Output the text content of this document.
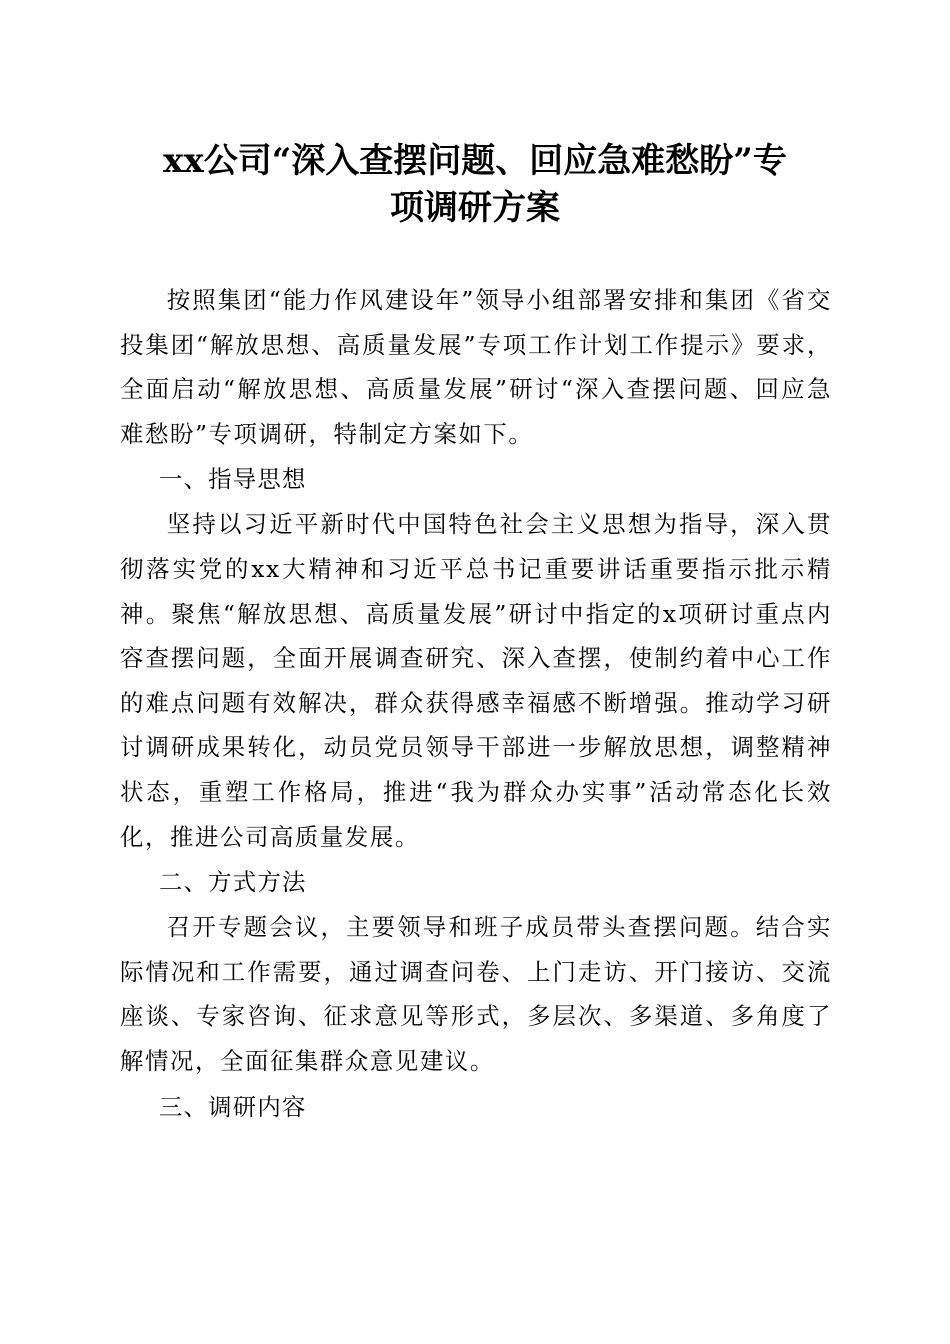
xx公司“深入查摆问题、回应急难愁盼”专
项调研方案

按照集团“能力作风建设年”领导小组部署安排和集团《省交投集团“解放思想、高质量发展”专项工作计划工作提示》要求，全面启动“解放思想、高质量发展”研讨“深入查摆问题、回应急难愁盼”专项调研，特制定方案如下。

一、指导思想

坚持以习近平新时代中国特色社会主义思想为指导，深入贯彻落实党的xx大精神和习近平总书记重要讲话重要指示批示精神。聚焦“解放思想、高质量发展”研讨中指定的x项研讨重点内容查摆问题，全面开展调查研究、深入查摆，使制约着中心工作的难点问题有效解决，群众获得感幸福感不断增强。推动学习研讨调研成果转化，动员党员领导干部进一步解放思想，调整精神状态，重塑工作格局，推进“我为群众办实事”活动常态化长效化，推进公司高质量发展。

二、方式方法

召开专题会议，主要领导和班子成员带头查摆问题。结合实际情况和工作需要，通过调查问卷、上门走访、开门接访、交流座谈、专家咨询、征求意见等形式，多层次、多渠道、多角度了解情况，全面征集群众意见建议。

三、调研内容
